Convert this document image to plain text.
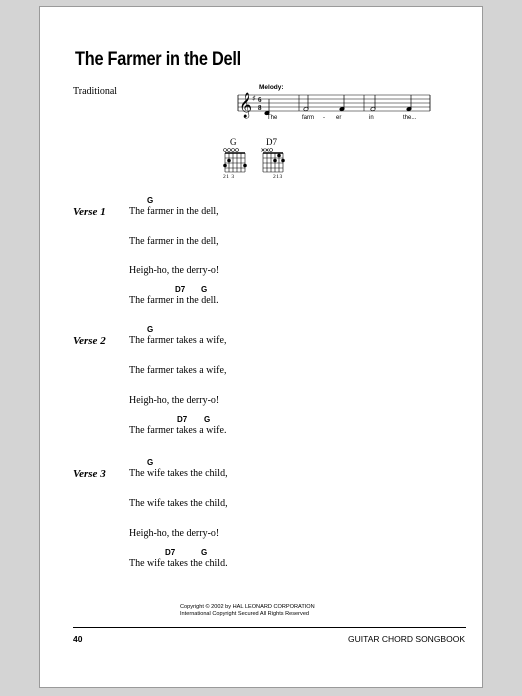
The Farmer in the Dell
Traditional	Melody:
𝄞 ♯ 6
8
The	farm - er	in	the...
G
21 3
D7
213
Verse 1
G
The farmer in the dell,
The farmer in the dell,
Heigh-ho, the derry-o!
D7 G
The farmer in the dell.
Verse 2
G
The farmer takes a wife,
The farmer takes a wife,
Heigh-ho, the derry-o!
D7 G
The farmer takes a wife.
Verse 3
G
The wife takes the child,
The wife takes the child,
Heigh-ho, the derry-o!
D7	G
The wife takes the child.
Copyright © 2002 by HAL LEONARD CORPORATION
International Copyright Secured All Rights Reserved
40	GUITAR CHORD SONGBOOK
